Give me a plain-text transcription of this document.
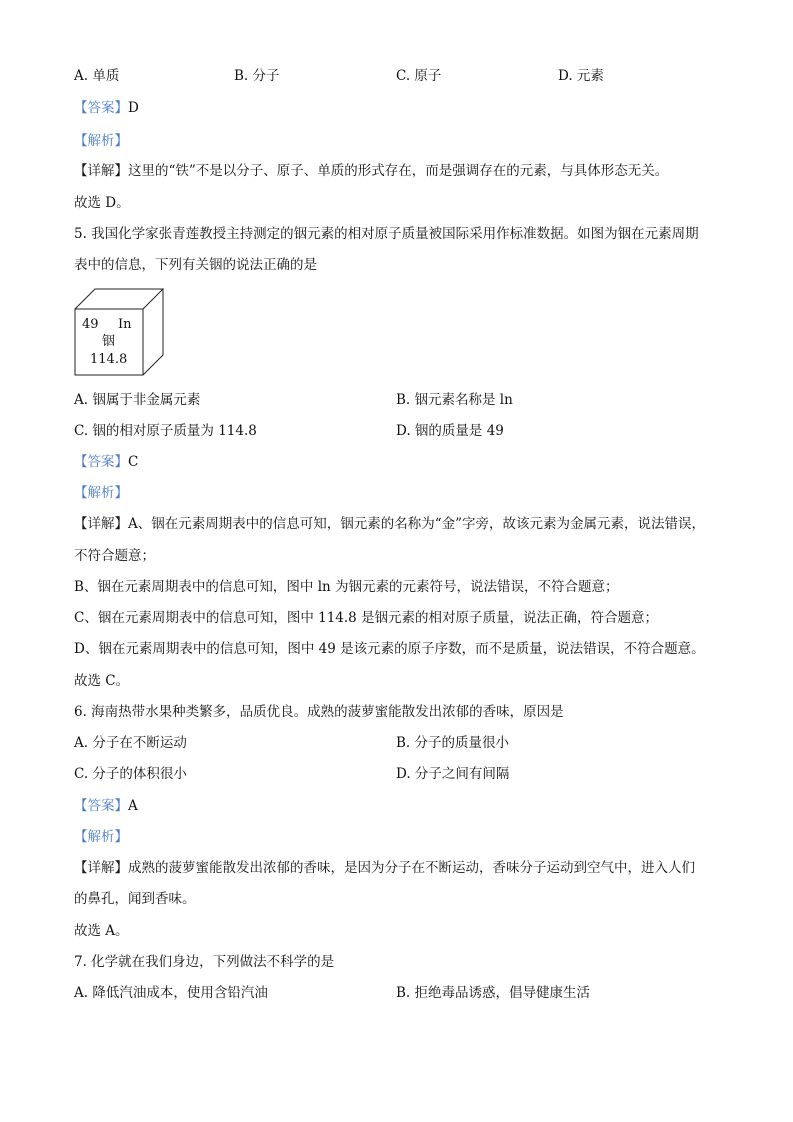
A. 单质	B. 分子	C. 原子	D. 元素
【答案】D
【解析】
【详解】这里的“铁”不是以分子、原子、单质的形式存在，而是强调存在的元素，与具体形态无关。
故选 D。
5. 我国化学家张青莲教授主持测定的铟元素的相对原子质量被国际采用作标准数据。如图为铟在元素周期
表中的信息，下列有关铟的说法正确的是
49 In
铟
114.8
A. 铟属于非金属元素	B. 铟元素名称是 ln
C. 铟的相对原子质量为 114.8	D. 铟的质量是 49
【答案】C
【解析】
【详解】A、铟在元素周期表中的信息可知，铟元素的名称为“金”字旁，故该元素为金属元素，说法错误，
不符合题意；
B、铟在元素周期表中的信息可知，图中 ln 为铟元素的元素符号，说法错误，不符合题意；
C、铟在元素周期表中的信息可知，图中 114.8 是铟元素的相对原子质量，说法正确，符合题意；
D、铟在元素周期表中的信息可知，图中 49 是该元素的原子序数，而不是质量，说法错误，不符合题意。
故选 C。
6. 海南热带水果种类繁多，品质优良。成熟的菠萝蜜能散发出浓郁的香味，原因是
A. 分子在不断运动	B. 分子的质量很小
C. 分子的体积很小	D. 分子之间有间隔
【答案】A
【解析】
【详解】成熟的菠萝蜜能散发出浓郁的香味，是因为分子在不断运动，香味分子运动到空气中，进入人们
的鼻孔，闻到香味。
故选 A。
7. 化学就在我们身边，下列做法不科学的是
A. 降低汽油成本，使用含铅汽油	B. 拒绝毒品诱惑，倡导健康生活
